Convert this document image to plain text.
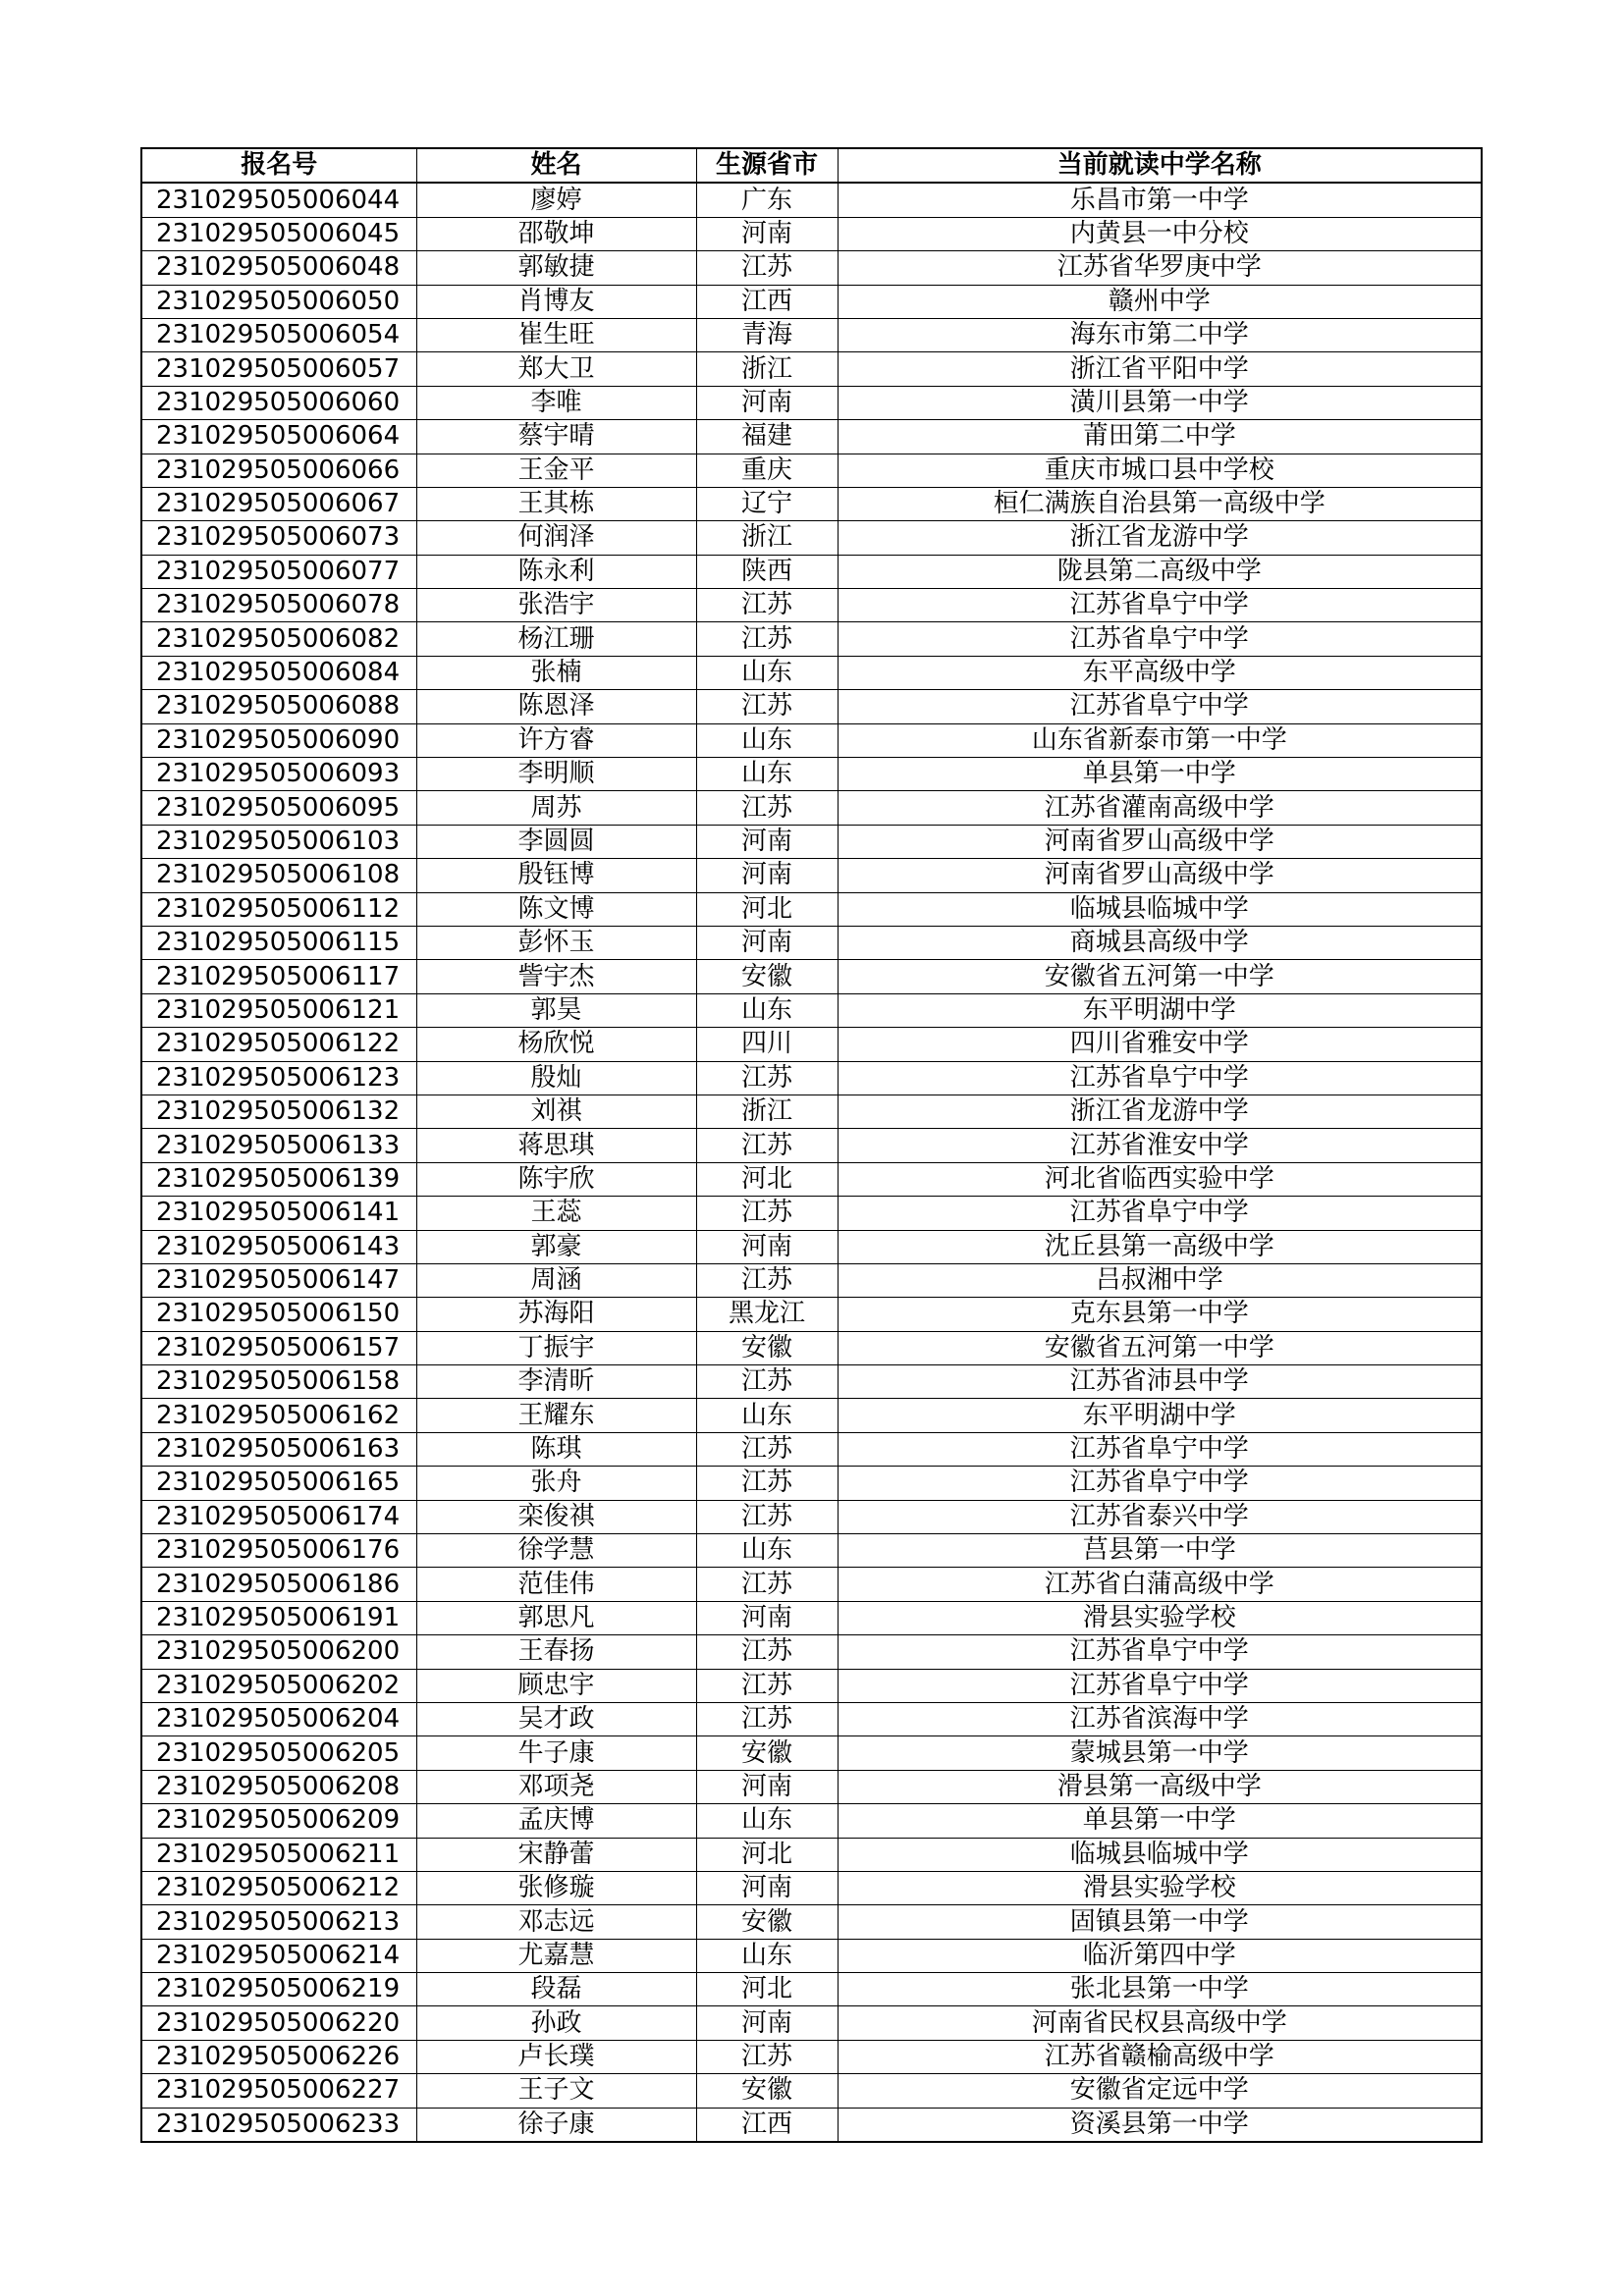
报名号	姓名	生源省市	当前就读中学名称
231029505006044	廖婷	广东	乐昌市第一中学
231029505006045	邵敬坤	河南	内黄县一中分校
231029505006048	郭敏捷	江苏	江苏省华罗庚中学
231029505006050	肖博友	江西	赣州中学
231029505006054	崔生旺	青海	海东市第二中学
231029505006057	郑大卫	浙江	浙江省平阳中学
231029505006060	李唯	河南	潢川县第一中学
231029505006064	蔡宇晴	福建	莆田第二中学
231029505006066	王金平	重庆	重庆市城口县中学校
231029505006067	王其栋	辽宁	桓仁满族自治县第一高级中学
231029505006073	何润泽	浙江	浙江省龙游中学
231029505006077	陈永利	陕西	陇县第二高级中学
231029505006078	张浩宇	江苏	江苏省阜宁中学
231029505006082	杨江珊	江苏	江苏省阜宁中学
231029505006084	张楠	山东	东平高级中学
231029505006088	陈恩泽	江苏	江苏省阜宁中学
231029505006090	许方睿	山东	山东省新泰市第一中学
231029505006093	李明顺	山东	单县第一中学
231029505006095	周苏	江苏	江苏省灌南高级中学
231029505006103	李圆圆	河南	河南省罗山高级中学
231029505006108	殷钰博	河南	河南省罗山高级中学
231029505006112	陈文博	河北	临城县临城中学
231029505006115	彭怀玉	河南	商城县高级中学
231029505006117	訾宇杰	安徽	安徽省五河第一中学
231029505006121	郭昊	山东	东平明湖中学
231029505006122	杨欣悦	四川	四川省雅安中学
231029505006123	殷灿	江苏	江苏省阜宁中学
231029505006132	刘祺	浙江	浙江省龙游中学
231029505006133	蒋思琪	江苏	江苏省淮安中学
231029505006139	陈宇欣	河北	河北省临西实验中学
231029505006141	王蕊	江苏	江苏省阜宁中学
231029505006143	郭豪	河南	沈丘县第一高级中学
231029505006147	周涵	江苏	吕叔湘中学
231029505006150	苏海阳	黑龙江	克东县第一中学
231029505006157	丁振宇	安徽	安徽省五河第一中学
231029505006158	李清昕	江苏	江苏省沛县中学
231029505006162	王耀东	山东	东平明湖中学
231029505006163	陈琪	江苏	江苏省阜宁中学
231029505006165	张舟	江苏	江苏省阜宁中学
231029505006174	栾俊祺	江苏	江苏省泰兴中学
231029505006176	徐学慧	山东	莒县第一中学
231029505006186	范佳伟	江苏	江苏省白蒲高级中学
231029505006191	郭思凡	河南	滑县实验学校
231029505006200	王春扬	江苏	江苏省阜宁中学
231029505006202	顾忠宇	江苏	江苏省阜宁中学
231029505006204	吴才政	江苏	江苏省滨海中学
231029505006205	牛子康	安徽	蒙城县第一中学
231029505006208	邓项尧	河南	滑县第一高级中学
231029505006209	孟庆博	山东	单县第一中学
231029505006211	宋静蕾	河北	临城县临城中学
231029505006212	张修璇	河南	滑县实验学校
231029505006213	邓志远	安徽	固镇县第一中学
231029505006214	尤嘉慧	山东	临沂第四中学
231029505006219	段磊	河北	张北县第一中学
231029505006220	孙政	河南	河南省民权县高级中学
231029505006226	卢长璞	江苏	江苏省赣榆高级中学
231029505006227	王子文	安徽	安徽省定远中学
231029505006233	徐子康	江西	资溪县第一中学
